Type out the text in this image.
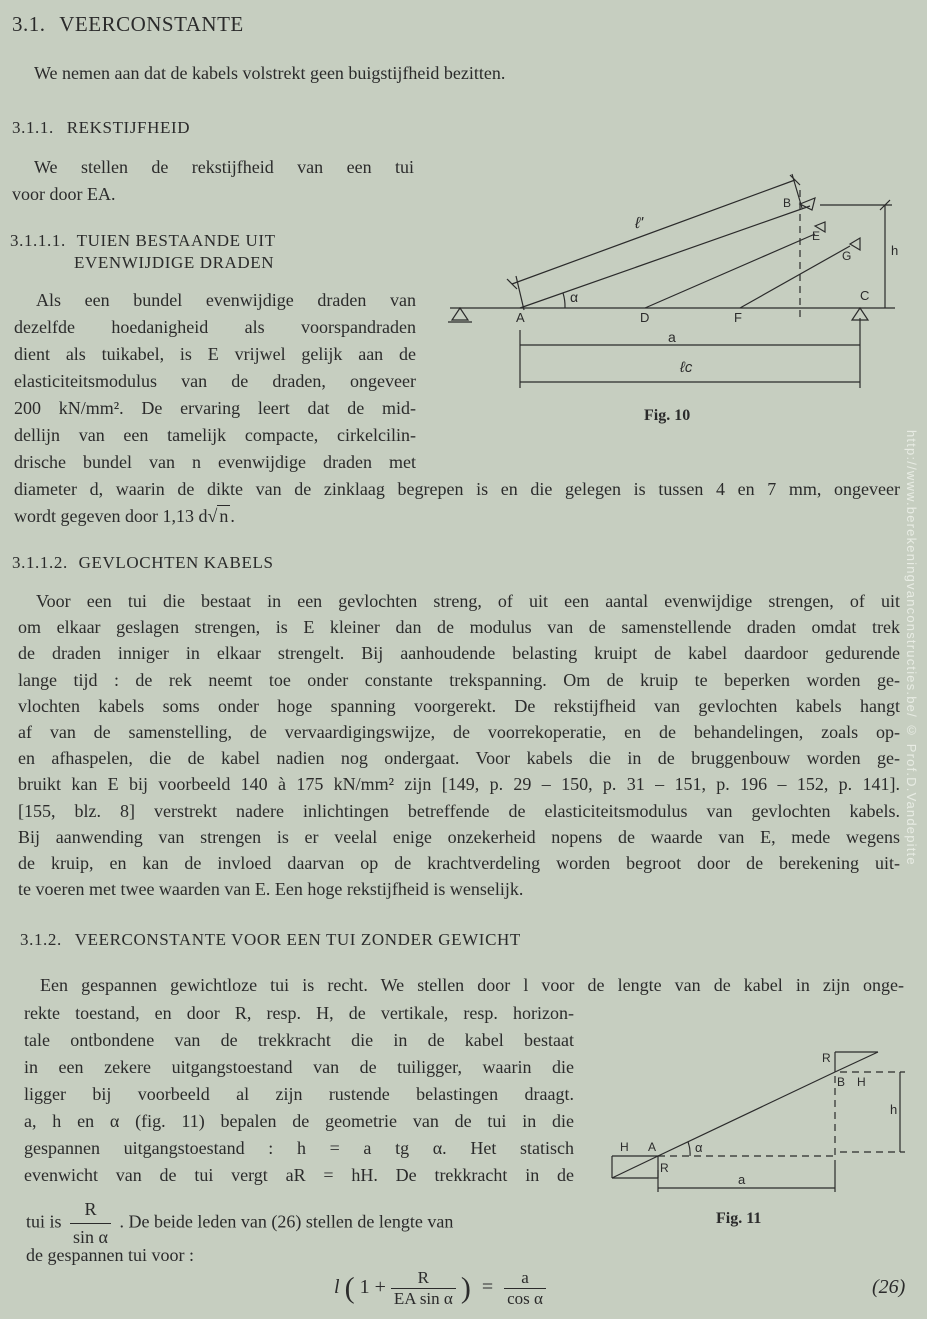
3.1. VEERCONSTANTE
We nemen aan dat de kabels volstrekt geen buigstijfheid bezitten.
3.1.1. REKSTIJFHEID
We stellen de rekstijfheid van een tui
voor door EA.
3.1.1.1. TUIEN BESTAANDE UIT
EVENWIJDIGE DRADEN
Als een bundel evenwijdige draden van
dezelfde hoedanigheid als voorspandraden
dient als tuikabel, is E vrijwel gelijk aan de
elasticiteitsmodulus van de draden, ongeveer
200 kN/mm². De ervaring leert dat de mid-
dellijn van een tamelijk compacte, cirkelcilin-
drische bundel van n evenwijdige draden met
diameter d, waarin de dikte van de zinklaag begrepen is en die gelegen is tussen 4 en 7 mm, ongeveer
wordt gegeven door 1,13 d√ n .
A	D	F
C
B
E
G	h
a
ℓc
ℓ'
α
Fig. 10
3.1.1.2. GEVLOCHTEN KABELS
Voor een tui die bestaat in een gevlochten streng, of uit een aantal evenwijdige strengen, of uit
om elkaar geslagen strengen, is E kleiner dan de modulus van de samenstellende draden omdat trek
de draden inniger in elkaar strengelt. Bij aanhoudende belasting kruipt de kabel daardoor gedurende
lange tijd : de rek neemt toe onder constante trekspanning. Om de kruip te beperken worden ge-
vlochten kabels soms onder hoge spanning voorgerekt. De rekstijfheid van gevlochten kabels hangt
af van de samenstelling, de vervaardigingswijze, de voorrekoperatie, en de behandelingen, zoals op-
en afhaspelen, die de kabel nadien nog ondergaat. Voor kabels die in de bruggenbouw worden ge-
bruikt kan E bij voorbeeld 140 à 175 kN/mm² zijn [149, p. 29 – 150, p. 31 – 151, p. 196 – 152, p. 141].
[155, blz. 8] verstrekt nadere inlichtingen betreffende de elasticiteitsmodulus van gevlochten kabels.
Bij aanwending van strengen is er veelal enige onzekerheid nopens de waarde van E, mede wegens
de kruip, en kan de invloed daarvan op de krachtverdeling worden begroot door de berekening uit-
te voeren met twee waarden van E. Een hoge rekstijfheid is wenselijk.
3.1.2. VEERCONSTANTE VOOR EEN TUI ZONDER GEWICHT
Een gespannen gewichtloze tui is recht. We stellen door l voor de lengte van de kabel in zijn onge-
rekte toestand, en door R, resp. H, de vertikale, resp. horizon-
tale ontbondene van de trekkracht die in de kabel bestaat
in een zekere uitgangstoestand van de tuiligger, waarin die
ligger bij voorbeeld al zijn rustende belastingen draagt.
a, h en α (fig. 11) bepalen de geometrie van de tui in die
gespannen uitgangstoestand : h = a tg α. Het statisch
evenwicht van de tui vergt aR = hH. De trekkracht in de
tui is $\frac{R}{\text{sin α}}$ . De beide leden van (26) stellen de lengte van
de gespannen tui voor :
R
B H
h
H A
R
α
a
Fig. 11
l ( $1 + \frac{R}{\text{EA sin α}}$ ) = $\frac{a}{\text{cos α}}$	(26)
http://www.berekeningvanconstructies.be/ © Prof.D.Vandepitte
